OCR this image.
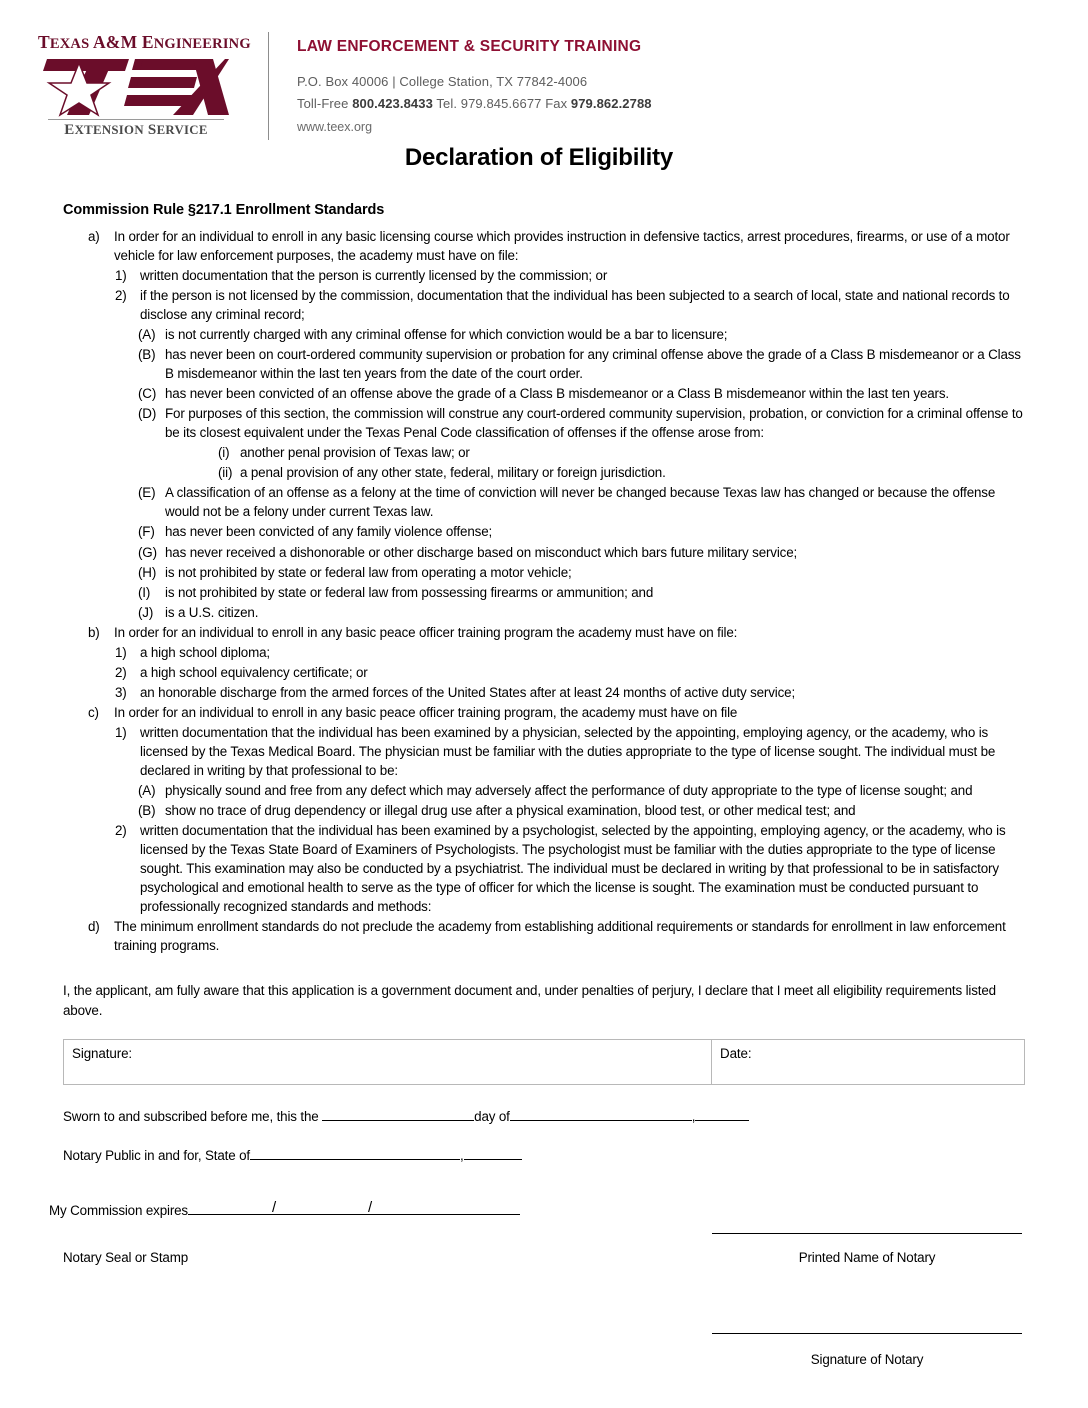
TEXAS A&M ENGINEERING
EXTENSION SERVICE
LAW ENFORCEMENT & SECURITY TRAINING
P.O. Box 40006 | College Station, TX 77842-4006
Toll-Free 800.423.8433 Tel. 979.845.6677 Fax 979.862.2788
www.teex.org
Declaration of Eligibility
Commission Rule §217.1 Enrollment Standards
a)	In order for an individual to enroll in any basic licensing course which provides instruction in defensive tactics, arrest procedures, firearms, or use of a motor vehicle for law enforcement purposes, the academy must have on file:
1) written documentation that the person is currently licensed by the commission; or
2) if the person is not licensed by the commission, documentation that the individual has been subjected to a search of local, state and national records to disclose any criminal record;
(A) is not currently charged with any criminal offense for which conviction would be a bar to licensure;
(B) has never been on court-ordered community supervision or probation for any criminal offense above the grade of a Class B misdemeanor or a Class B misdemeanor within the last ten years from the date of the court order.
(C) has never been convicted of an offense above the grade of a Class B misdemeanor or a Class B misdemeanor within the last ten years.
(D) For purposes of this section, the commission will construe any court-ordered community supervision, probation, or conviction for a criminal offense to be its closest equivalent under the Texas Penal Code classification of offenses if the offense arose from:
(i) another penal provision of Texas law; or
(ii) a penal provision of any other state, federal, military or foreign jurisdiction.
(E) A classification of an offense as a felony at the time of conviction will never be changed because Texas law has changed or because the offense would not be a felony under current Texas law.
(F) has never been convicted of any family violence offense;
(G) has never received a dishonorable or other discharge based on misconduct which bars future military service;
(H) is not prohibited by state or federal law from operating a motor vehicle;
(I)	is not prohibited by state or federal law from possessing firearms or ammunition; and
(J) is a U.S. citizen.
b)	In order for an individual to enroll in any basic peace officer training program the academy must have on file:
1) a high school diploma;
2) a high school equivalency certificate; or
3) an honorable discharge from the armed forces of the United States after at least 24 months of active duty service;
c)	In order for an individual to enroll in any basic peace officer training program, the academy must have on file
1) written documentation that the individual has been examined by a physician, selected by the appointing, employing agency, or the academy, who is licensed by the Texas Medical Board. The physician must be familiar with the duties appropriate to the type of license sought. The individual must be declared in writing by that professional to be:
(A) physically sound and free from any defect which may adversely affect the performance of duty appropriate to the type of license sought; and
(B) show no trace of drug dependency or illegal drug use after a physical examination, blood test, or other medical test; and
2) written documentation that the individual has been examined by a psychologist, selected by the appointing, employing agency, or the academy, who is licensed by the Texas State Board of Examiners of Psychologists. The psychologist must be familiar with the duties appropriate to the type of license sought. This examination may also be conducted by a psychiatrist. The individual must be declared in writing by that professional to be in satisfactory psychological and emotional health to serve as the type of officer for which the license is sought. The examination must be conducted pursuant to professionally recognized standards and methods:
d)	The minimum enrollment standards do not preclude the academy from establishing additional requirements or standards for enrollment in law enforcement training programs.
I, the applicant, am fully aware that this application is a government document and, under penalties of perjury, I declare that I meet all eligibility requirements listed above.
Signature:	Date:
Sworn to and subscribed before me, this the	day of	,
Notary Public in and for, State of	,
My Commission expires	/	/
Notary Seal or Stamp	Printed Name of Notary
Signature of Notary
